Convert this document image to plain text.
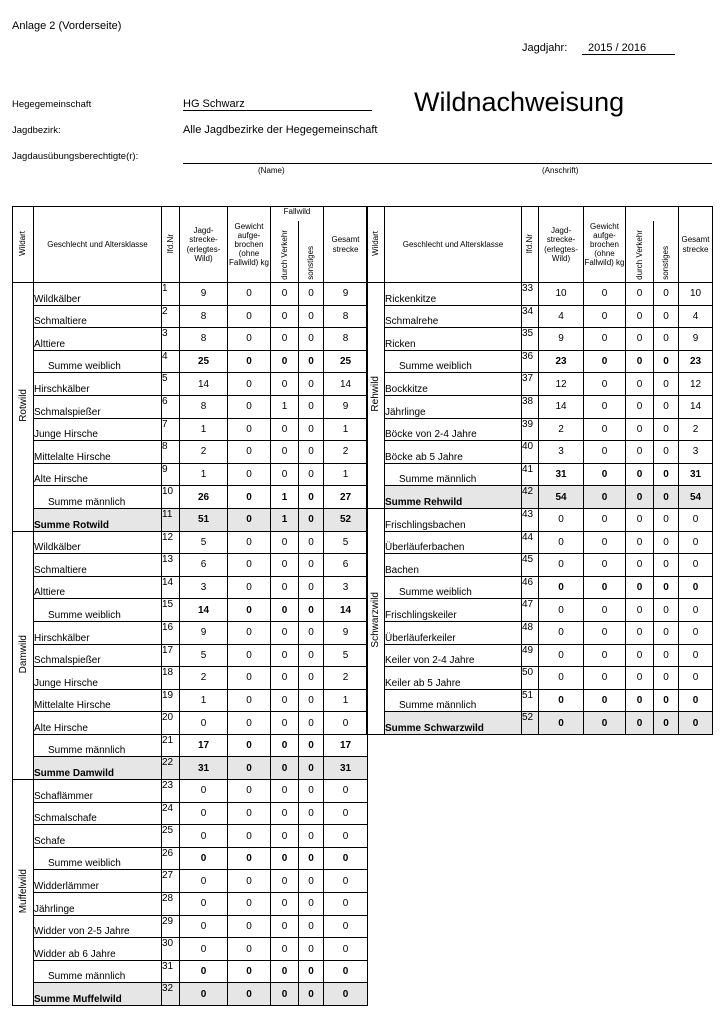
Anlage 2 (Vorderseite)
Jagdjahr:	2015 / 2016
Wildnachweisung
Hegegemeinschaft	HG Schwarz
Jagdbezirk:	Alle Jagdbezirke der Hegegemeinschaft
Jagdausübungsberechtigte(r):
(Name)	(Anschrift)
Wildart	Geschlecht und Altersklasse	lfd.Nr	Jagd-strecke-(erlegtes-Wild)	Gewicht aufge-brochen (ohne Fallwild) kg	Fallwild		Gesamt strecke
					durch Verkehr	sonstiges	
Rotwild	Wildkälber	1	9	0	0	0	9
	Schmaltiere	2	8	0	0	0	8
	Alttiere	3	8	0	0	0	8
	Summe weiblich	4	25	0	0	0	25
	Hirschkälber	5	14	0	0	0	14
	Schmalspießer	6	8	0	1	0	9
	Junge Hirsche	7	1	0	0	0	1
	Mittelalte Hirsche	8	2	0	0	0	2
	Alte Hirsche	9	1	0	0	0	1
	Summe männlich	10	26	0	1	0	27
	Summe Rotwild	11	51	0	1	0	52
Damwild	Wildkälber	12	5	0	0	0	5
	Schmaltiere	13	6	0	0	0	6
	Alttiere	14	3	0	0	0	3
	Summe weiblich	15	14	0	0	0	14
	Hirschkälber	16	9	0	0	0	9
	Schmalspießer	17	5	0	0	0	5
	Junge Hirsche	18	2	0	0	0	2
	Mittelalte Hirsche	19	1	0	0	0	1
	Alte Hirsche	20	0	0	0	0	0
	Summe männlich	21	17	0	0	0	17
	Summe Damwild	22	31	0	0	0	31
Muffelwild	Schaflämmer	23	0	0	0	0	0
	Schmalschafe	24	0	0	0	0	0
	Schafe	25	0	0	0	0	0
	Summe weiblich	26	0	0	0	0	0
	Widderlämmer	27	0	0	0	0	0
	Jährlinge	28	0	0	0	0	0
	Widder von 2-5 Jahre	29	0	0	0	0	0
	Widder ab 6 Jahre	30	0	0	0	0	0
	Summe männlich	31	0	0	0	0	0
	Summe Muffelwild	32	0	0	0	0	0
Wildart	Geschlecht und Altersklasse	lfd.Nr	Jagd-strecke-(erlegtes-Wild)	Gewicht aufge-brochen (ohne Fallwild) kg			Gesamt strecke
					durch Verkehr	sonstiges	
Rehwild	Rickenkitze	33	10	0	0	0	10
	Schmalrehe	34	4	0	0	0	4
	Ricken	35	9	0	0	0	9
	Summe weiblich	36	23	0	0	0	23
	Bockkitze	37	12	0	0	0	12
	Jährlinge	38	14	0	0	0	14
	Böcke von 2-4 Jahre	39	2	0	0	0	2
	Böcke ab 5 Jahre	40	3	0	0	0	3
	Summe männlich	41	31	0	0	0	31
	Summe Rehwild	42	54	0	0	0	54
Schwarzwild	Frischlingsbachen	43	0	0	0	0	0
	Überläuferbachen	44	0	0	0	0	0
	Bachen	45	0	0	0	0	0
	Summe weiblich	46	0	0	0	0	0
	Frischlingskeiler	47	0	0	0	0	0
	Überläuferkeiler	48	0	0	0	0	0
	Keiler von 2-4 Jahre	49	0	0	0	0	0
	Keiler ab 5 Jahre	50	0	0	0	0	0
	Summe männlich	51	0	0	0	0	0
	Summe Schwarzwild	52	0	0	0	0	0
